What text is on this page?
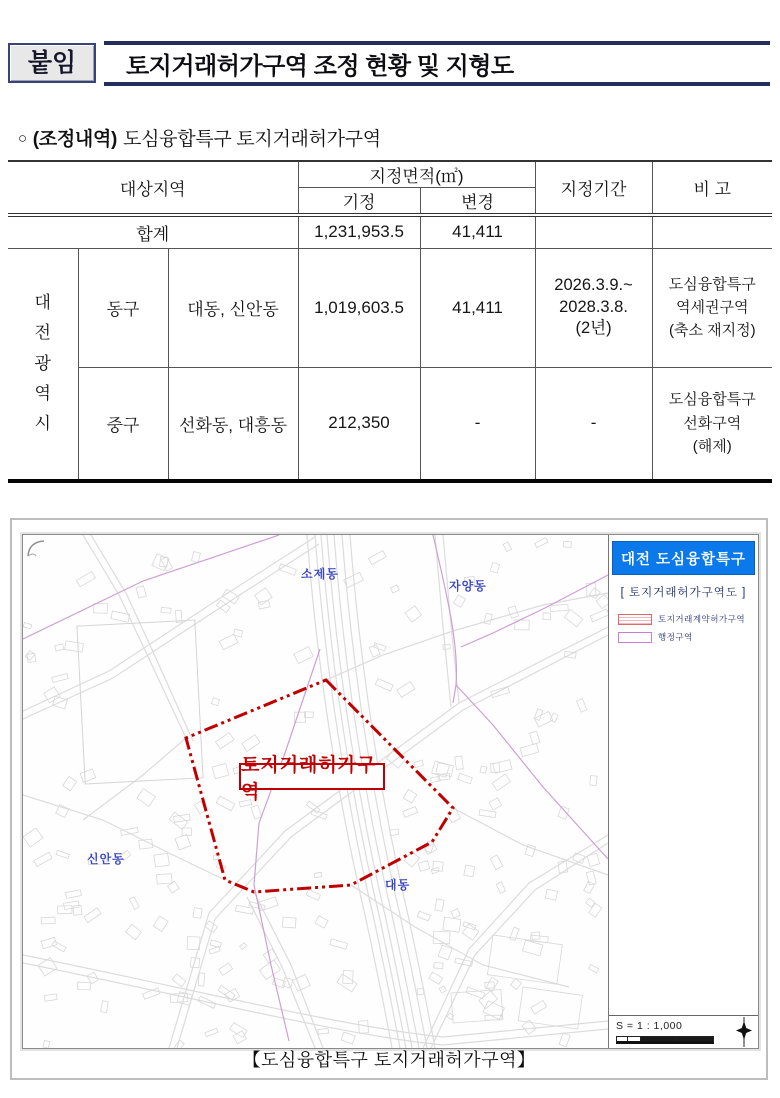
토지거래허가구역 조정 현황 및 지형도
붙임
○ (조정내역) 도심융합특구 토지거래허가구역
대상지역			지정면적(㎡)		지정기간	비 고
			기정	변경		
합계			1,231,953.5	41,411		
대전광역시	동구	대동, 신안동	1,019,603.5	41,411	2026.3.9.~
2028.3.8.
(2년)	도심융합특구
역세권구역
(축소 재지정)

	중구	선화동, 대흥동	212,350	-	-	도심융합특구
선화구역
(해제)
소제동
자양동
신안동
대동
토지거래허가구역
대전 도심융합특구
[ 토지거래허가구역도 ]
토지거래계약허가구역
행정구역
S = 1 : 1,000
【도심융합특구 토지거래허가구역】
